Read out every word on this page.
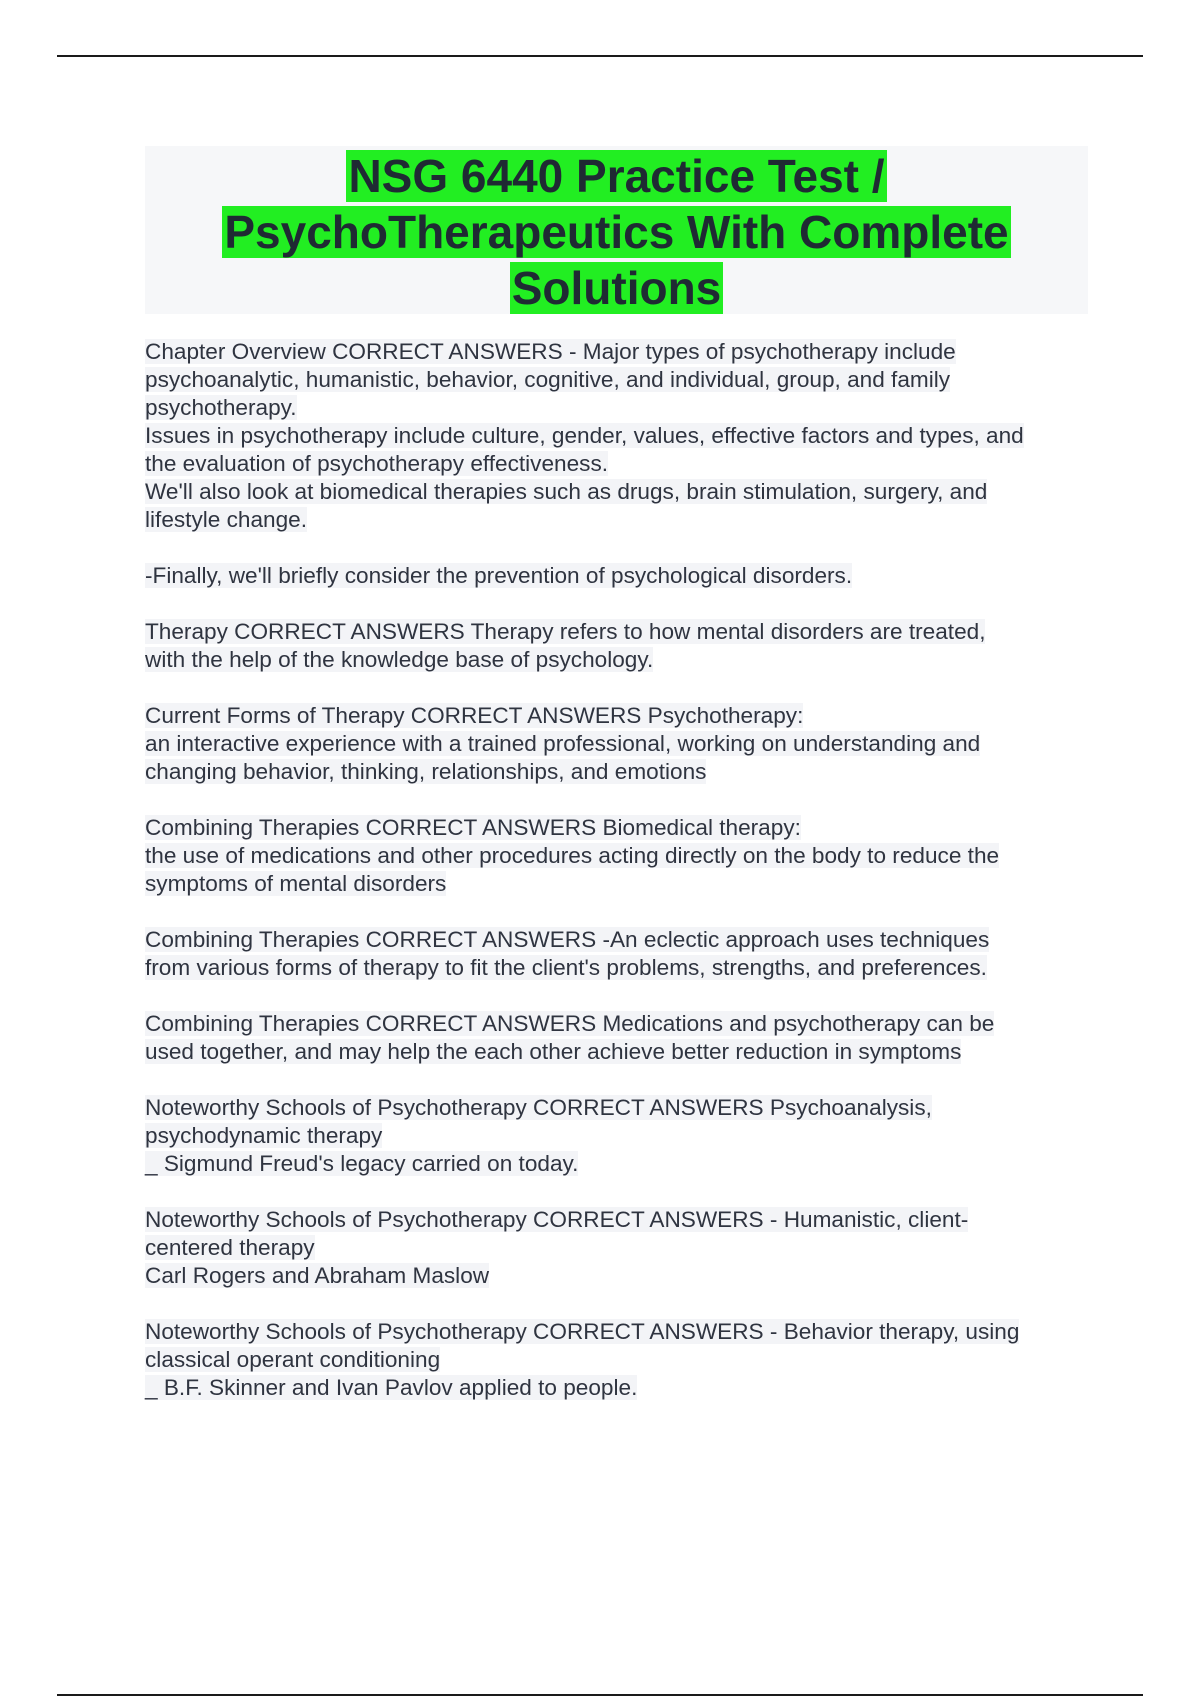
NSG 6440 Practice Test /
PsychoTherapeutics With Complete
Solutions

Chapter Overview CORRECT ANSWERS - Major types of psychotherapy include
psychoanalytic, humanistic, behavior, cognitive, and individual, group, and family
psychotherapy.
Issues in psychotherapy include culture, gender, values, effective factors and types, and
the evaluation of psychotherapy effectiveness.
We'll also look at biomedical therapies such as drugs, brain stimulation, surgery, and
lifestyle change.

-Finally, we'll briefly consider the prevention of psychological disorders.

Therapy CORRECT ANSWERS Therapy refers to how mental disorders are treated,
with the help of the knowledge base of psychology.

Current Forms of Therapy CORRECT ANSWERS Psychotherapy:
an interactive experience with a trained professional, working on understanding and
changing behavior, thinking, relationships, and emotions

Combining Therapies CORRECT ANSWERS Biomedical therapy:
the use of medications and other procedures acting directly on the body to reduce the
symptoms of mental disorders

Combining Therapies CORRECT ANSWERS -An eclectic approach uses techniques
from various forms of therapy to fit the client's problems, strengths, and preferences.

Combining Therapies CORRECT ANSWERS Medications and psychotherapy can be
used together, and may help the each other achieve better reduction in symptoms

Noteworthy Schools of Psychotherapy CORRECT ANSWERS Psychoanalysis,
psychodynamic therapy
_ Sigmund Freud's legacy carried on today.

Noteworthy Schools of Psychotherapy CORRECT ANSWERS - Humanistic, client-
centered therapy
Carl Rogers and Abraham Maslow

Noteworthy Schools of Psychotherapy CORRECT ANSWERS - Behavior therapy, using
classical operant conditioning
_ B.F. Skinner and Ivan Pavlov applied to people.
